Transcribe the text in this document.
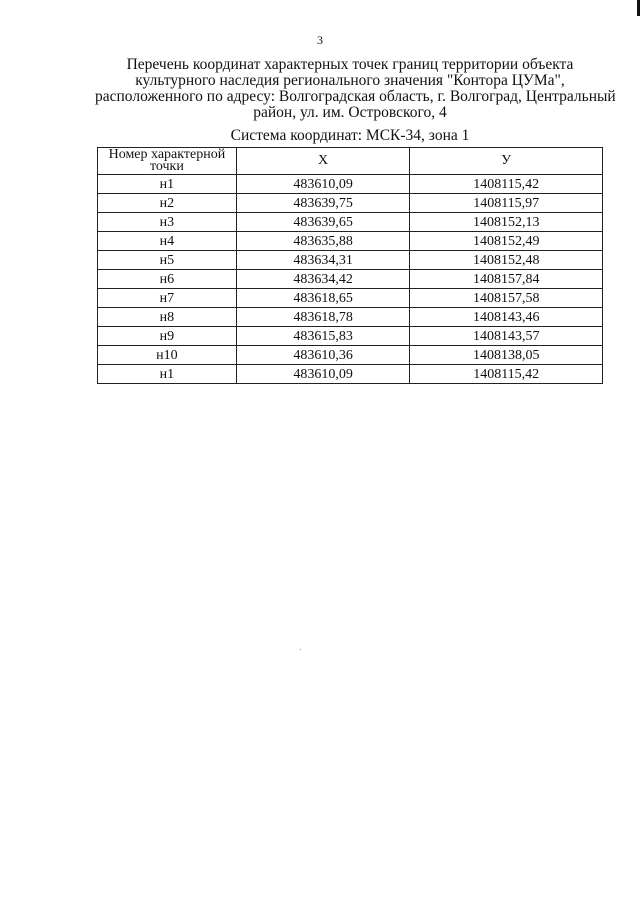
3
Перечень координат характерных точек границ территории объекта
культурного наследия регионального значения "Контора ЦУМа",
расположенного по адресу: Волгоградская область, г. Волгоград, Центральный
район, ул. им. Островского, 4
Система координат: МСК-34, зона 1
Номер характерной точки	X	У
н1	483610,09	1408115,42
н2	483639,75	1408115,97
н3	483639,65	1408152,13
н4	483635,88	1408152,49
н5	483634,31	1408152,48
н6	483634,42	1408157,84
н7	483618,65	1408157,58
н8	483618,78	1408143,46
н9	483615,83	1408143,57
н10	483610,36	1408138,05
н1	483610,09	1408115,42
